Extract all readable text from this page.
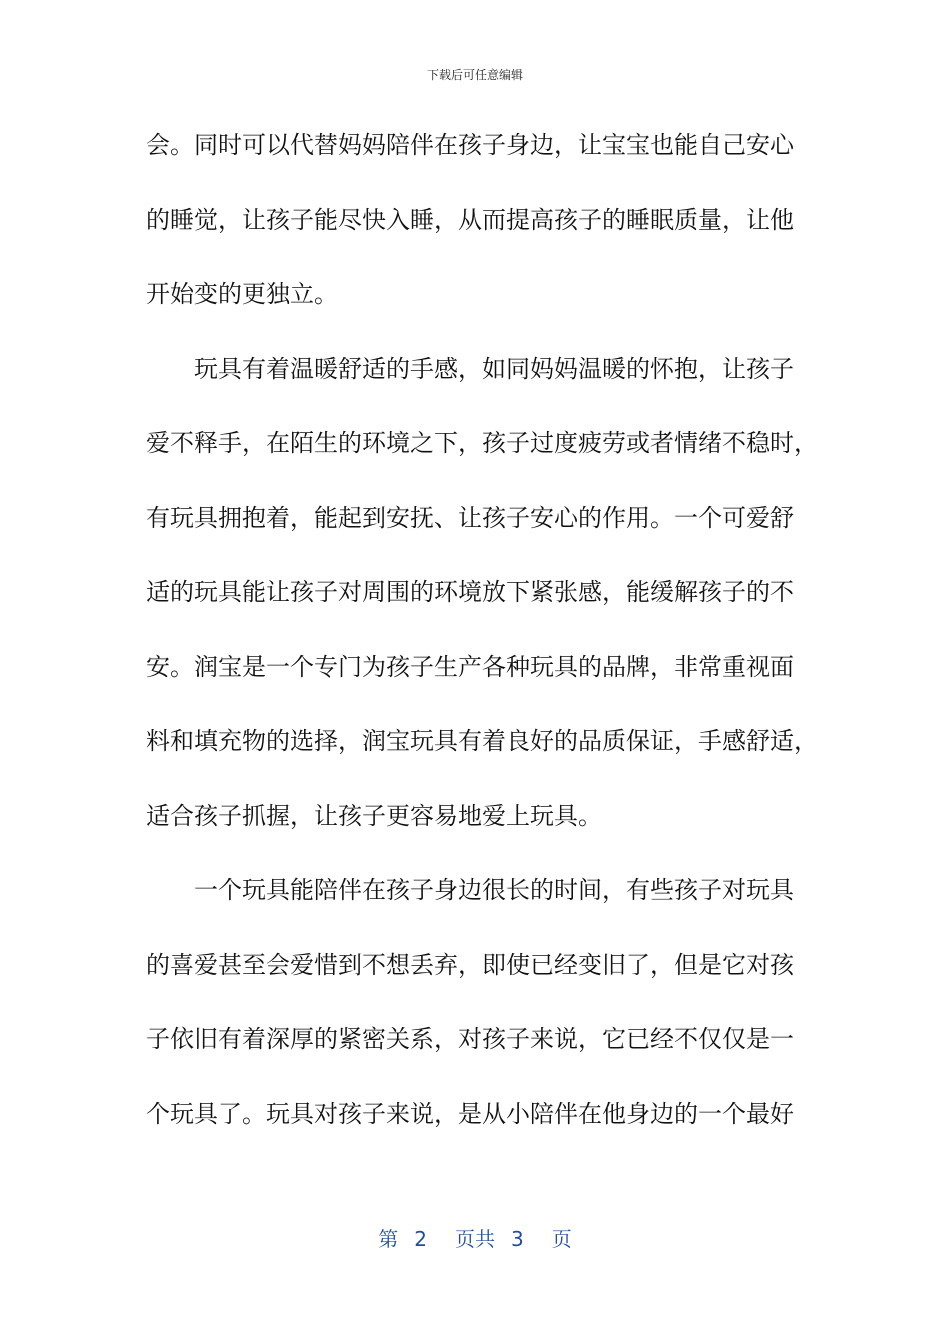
下载后可任意编辑
会。同时可以代替妈妈陪伴在孩子身边，让宝宝也能自己安心
的睡觉，让孩子能尽快入睡，从而提高孩子的睡眠质量，让他
开始变的更独立。
玩具有着温暖舒适的手感，如同妈妈温暖的怀抱，让孩子
爱不释手，在陌生的环境之下，孩子过度疲劳或者情绪不稳时，
有玩具拥抱着，能起到安抚、让孩子安心的作用。一个可爱舒
适的玩具能让孩子对周围的环境放下紧张感，能缓解孩子的不
安。润宝是一个专门为孩子生产各种玩具的品牌，非常重视面
料和填充物的选择，润宝玩具有着良好的品质保证，手感舒适，
适合孩子抓握，让孩子更容易地爱上玩具。
一个玩具能陪伴在孩子身边很长的时间，有些孩子对玩具
的喜爱甚至会爱惜到不想丢弃，即使已经变旧了，但是它对孩
子依旧有着深厚的紧密关系，对孩子来说，它已经不仅仅是一
个玩具了。玩具对孩子来说，是从小陪伴在他身边的一个最好
第 2 页共 3 页
